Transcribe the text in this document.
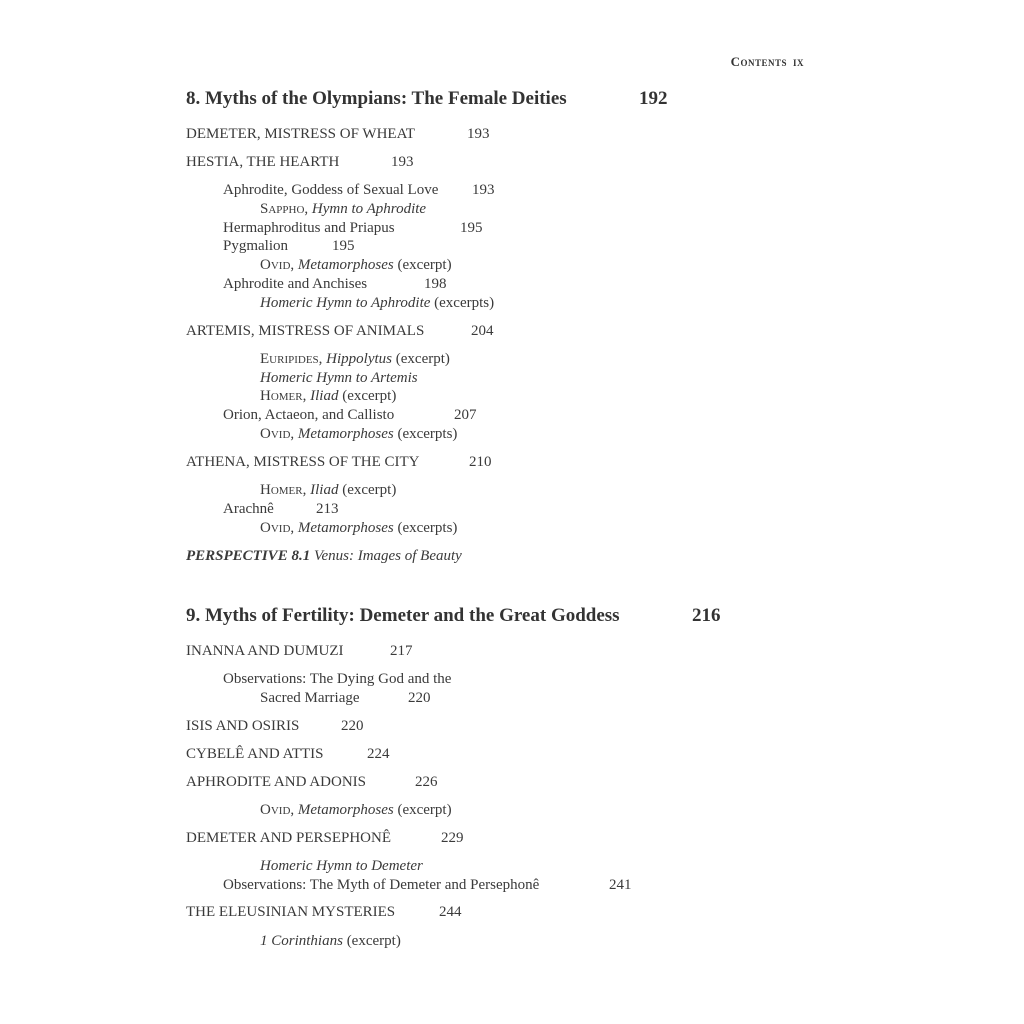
Contents ix
8. Myths of the Olympians: The Female Deities	192
DEMETER, MISTRESS OF WHEAT	193
HESTIA, THE HEARTH	193
Aphrodite, Goddess of Sexual Love 193
Sappho, Hymn to Aphrodite
Hermaphroditus and Priapus	195
Pygmalion	195
Ovid, Metamorphoses (excerpt)
Aphrodite and Anchises	198
Homeric Hymn to Aphrodite (excerpts)
ARTEMIS, MISTRESS OF ANIMALS	204
Euripides, Hippolytus (excerpt)
Homeric Hymn to Artemis
Homer, Iliad (excerpt)
Orion, Actaeon, and Callisto	207
Ovid, Metamorphoses (excerpts)
ATHENA, MISTRESS OF THE CITY	210
Homer, Iliad (excerpt)
Arachnê	213
Ovid, Metamorphoses (excerpts)
PERSPECTIVE 8.1 Venus: Images of Beauty
9. Myths of Fertility: Demeter and the Great Goddess	216
INANNA AND DUMUZI	217
Observations: The Dying God and the
Sacred Marriage	220
ISIS AND OSIRIS	220
CYBELÊ AND ATTIS	224
APHRODITE AND ADONIS	226
Ovid, Metamorphoses (excerpt)
DEMETER AND PERSEPHONÊ	229
Homeric Hymn to Demeter
Observations: The Myth of Demeter and Persephonê	241
THE ELEUSINIAN MYSTERIES	244
1 Corinthians (excerpt)
